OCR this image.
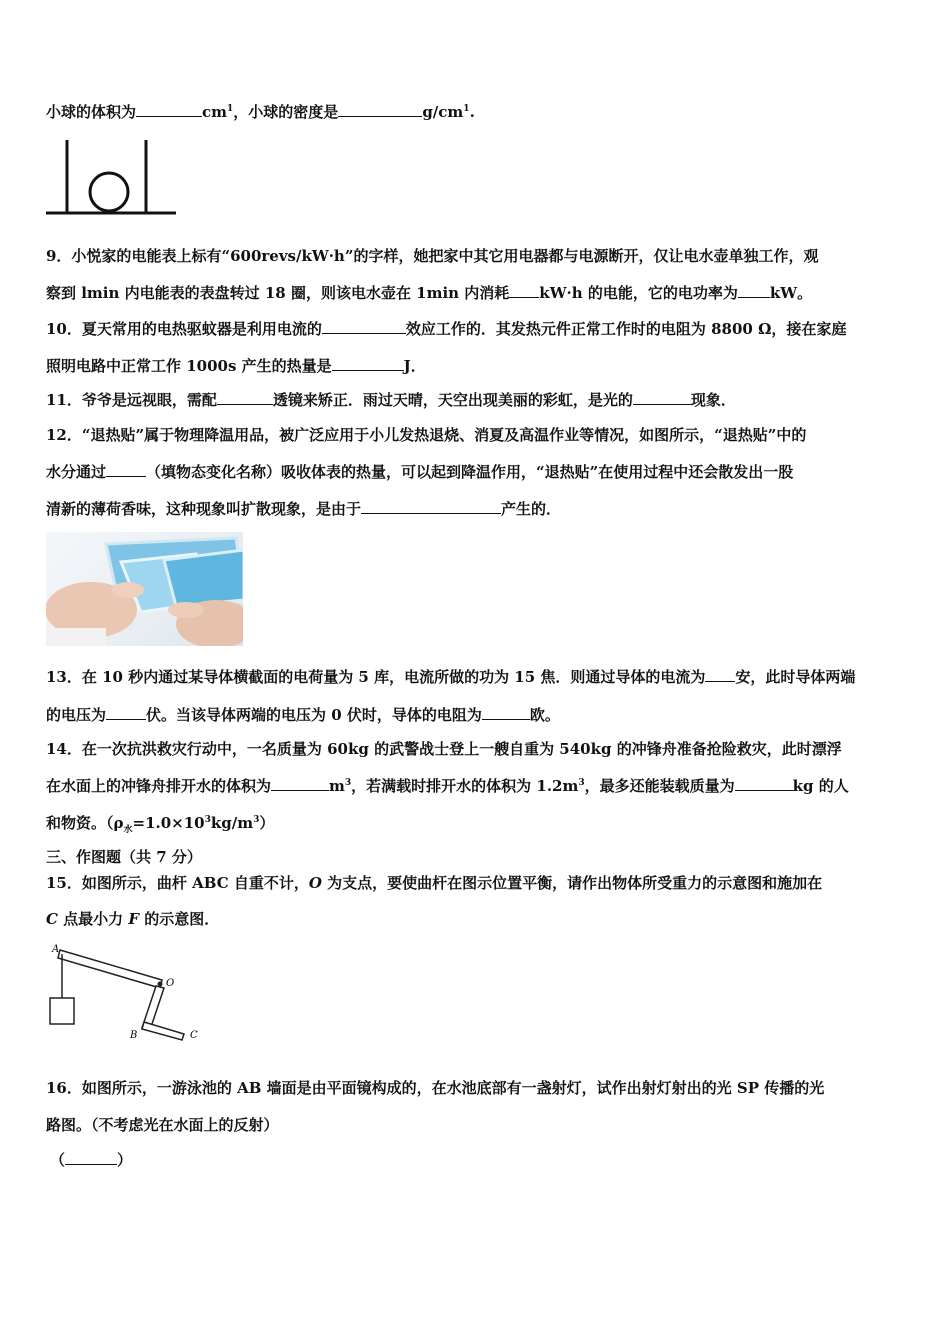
小球的体积为	$cm^1$，小球的密度是	$g/cm^1$.
9．小悦家的电能表上标有“600revs/kW·h”的字样，她把家中其它用电器都与电源断开，仅让电水壶单独工作，观
察到 lmin 内电能表的表盘转过 18 圈，则该电水壶在 1min 内消耗 kW·h 的电能，它的电功率为 kW。
10．夏天常用的电热驱蚊器是利用电流的	效应工作的．其发热元件正常工作时的电阻为 8800 Ω，接在家庭
照明电路中正常工作 1000s 产生的热量是	J．
11．爷爷是远视眼，需配	透镜来矫正．雨过天晴，天空出现美丽的彩虹，是光的	现象．
12．“退热贴”属于物理降温用品，被广泛应用于小儿发热退烧、消夏及高温作业等情况，如图所示，“退热贴”中的
水分通过	（填物态变化名称）吸收体表的热量，可以起到降温作用，“退热贴”在使用过程中还会散发出一股
清新的薄荷香味，这种现象叫扩散现象，是由于	产生的．
13．在 10 秒内通过某导体横截面的电荷量为 5 库，电流所做的功为 15 焦．则通过导体的电流为 安，此时导体两端
的电压为	伏。当该导体两端的电压为 0 伏时，导体的电阻为	欧。
14．在一次抗洪救灾行动中，一名质量为 60kg 的武警战士登上一艘自重为 540kg 的冲锋舟准备抢险救灾，此时漂浮
在水面上的冲锋舟排开水的体积为	$m^3$，若满载时排开水的体积为 $1.2m^3$，最多还能装载质量为	kg 的人
和物资。$(\rho_水=1.0\times 10^3kg/m^3)$
三、作图题（共 7 分）
15．如图所示，曲杆 ABC 自重不计，O 为支点，要使曲杆在图示位置平衡，请作出物体所受重力的示意图和施加在
C 点最小力 F 的示意图．
A
O
B	C
16．如图所示，一游泳池的 AB 墙面是由平面镜构成的，在水池底部有一盏射灯，试作出射灯射出的光 SP 传播的光
路图。（不考虑光在水面上的反射）
（	）
